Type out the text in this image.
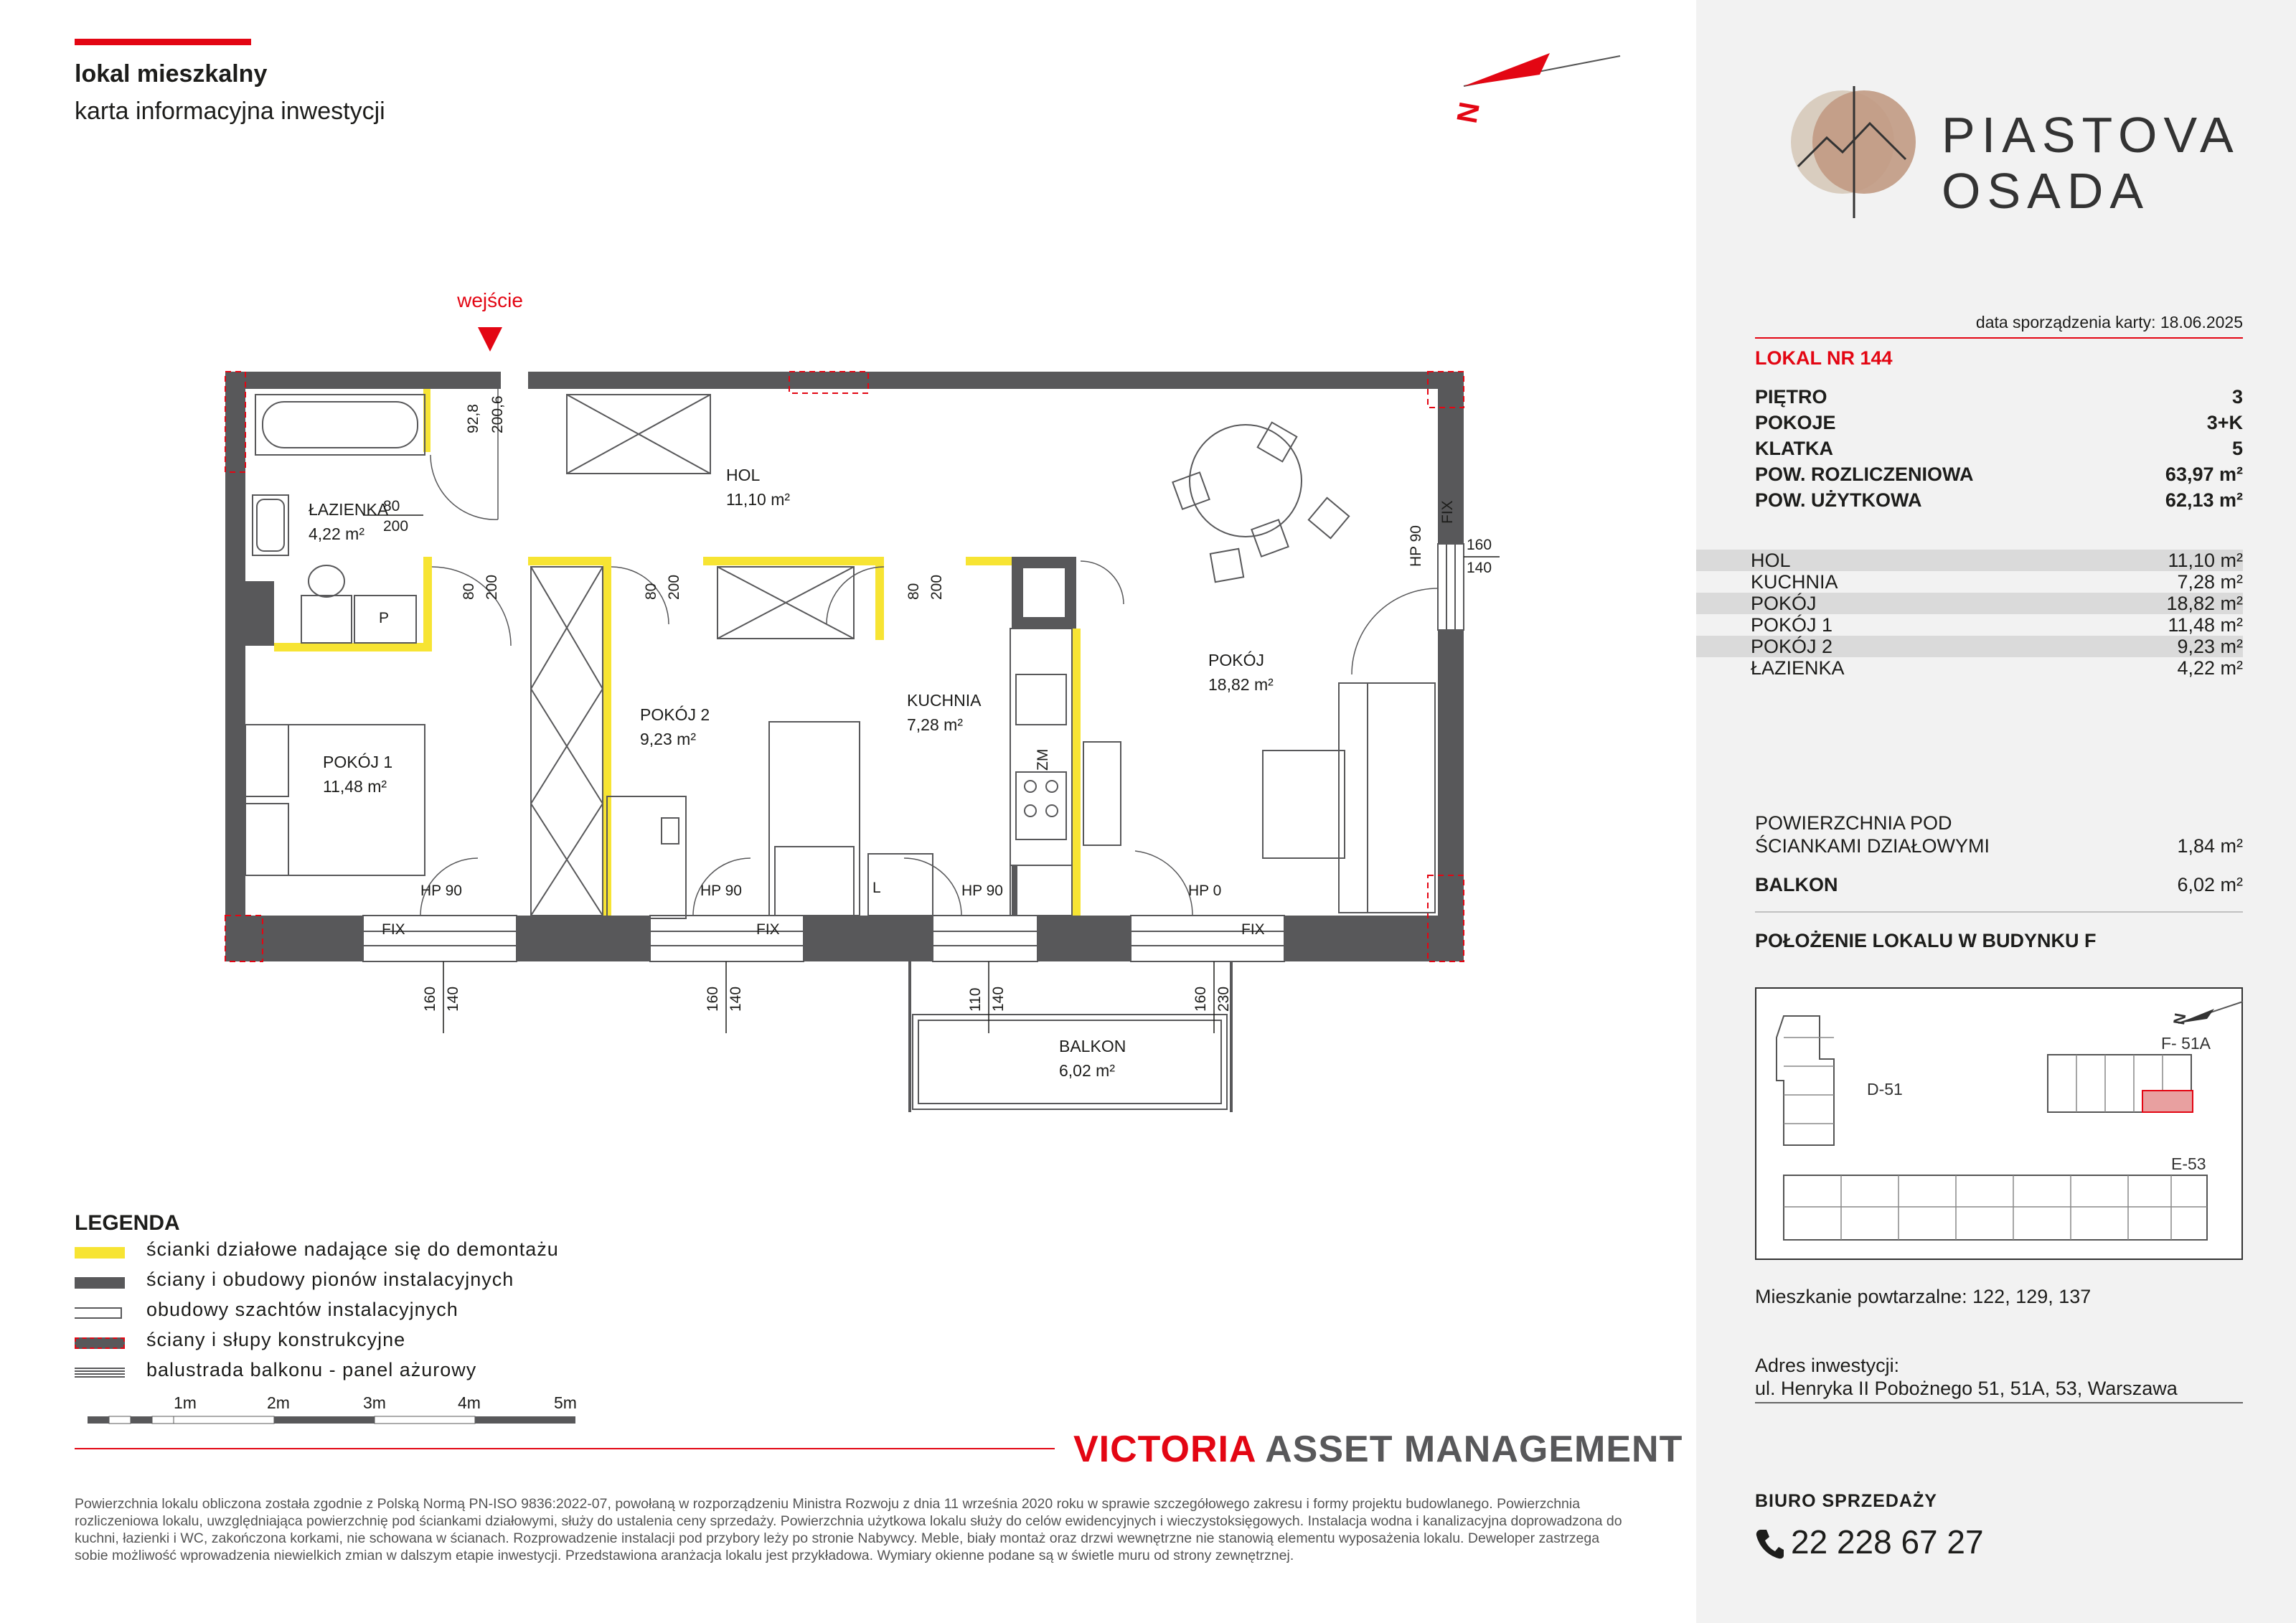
lokal mieszkalny
karta informacyjna inwestycji	N
wejście
HOL
11,10 m²
ŁAZIENKA
4,22 m²
POKÓJ 1
11,48 m²
POKÓJ 2
9,23 m²
KUCHNIA
7,28 m²
POKÓJ
18,82 m²
BALKON
6,02 m²
80
200
P
L
ZM
HP 90	HP 90	HP 90	HP 0
FIX	FIX	FIX
FIX
HP 90
92,8 200,6
80 200	80 200	80 200
160 140	160 140	110 140	160 230
160
140
LEGENDA
ścianki działowe nadające się do demontażu
ściany i obudowy pionów instalacyjnych
obudowy szachtów instalacyjnych
ściany i słupy konstrukcyjne
balustrada balkonu - panel ażurowy
1m	2m	3m	4m	5m
VICTORIA ASSET MANAGEMENT
Powierzchnia lokalu obliczona została zgodnie z Polską Normą PN-ISO 9836:2022-07, powołaną w rozporządzeniu Ministra Rozwoju z dnia 11 września 2020 roku w sprawie szczegółowego zakresu i formy projektu budowlanego. Powierzchnia rozliczeniowa lokalu, uwzględniająca powierzchnię pod ściankami działowymi, służy do ustalenia ceny sprzedaży. Powierzchnia użytkowa lokalu służy do celów ewidencyjnych i wieczystoksięgowych. Instalacja wodna i kanalizacyjna doprowadzona do kuchni, łazienki i WC, zakończona korkami, nie schowana w ścianach. Rozprowadzenie instalacji pod przybory leży po stronie Nabywcy. Meble, biały montaż oraz drzwi wewnętrzne nie stanowią elementu wyposażenia lokalu. Deweloper zastrzega sobie możliwość wprowadzenia niewielkich zmian w dalszym etapie inwestycji. Przedstawiona aranżacja lokalu jest przykładowa. Wymiary okienne podane są w świetle muru od strony zewnętrznej.
PIASTOVA
OSADA
data sporządzenia karty: 18.06.2025
LOKAL NR 144
PIĘTRO	3
POKOJE	3+K
KLATKA	5
POW. ROZLICZENIOWA	63,97 m²
POW. UŻYTKOWA	62,13 m²
HOL	11,10 m²
KUCHNIA	7,28 m²
POKÓJ	18,82 m²
POKÓJ 1	11,48 m²
POKÓJ 2	9,23 m²
ŁAZIENKA	4,22 m²
POWIERZCHNIA POD
ŚCIANKAMI DZIAŁOWYMI	1,84 m²
BALKON	6,02 m²
POŁOŻENIE LOKALU W BUDYNKU F
D-51
F- 51A
E-53
N
Mieszkanie powtarzalne: 122, 129, 137
Adres inwestycji:
ul. Henryka II Pobożnego 51, 51A, 53, Warszawa
BIURO SPRZEDAŻY
22 228 67 27
